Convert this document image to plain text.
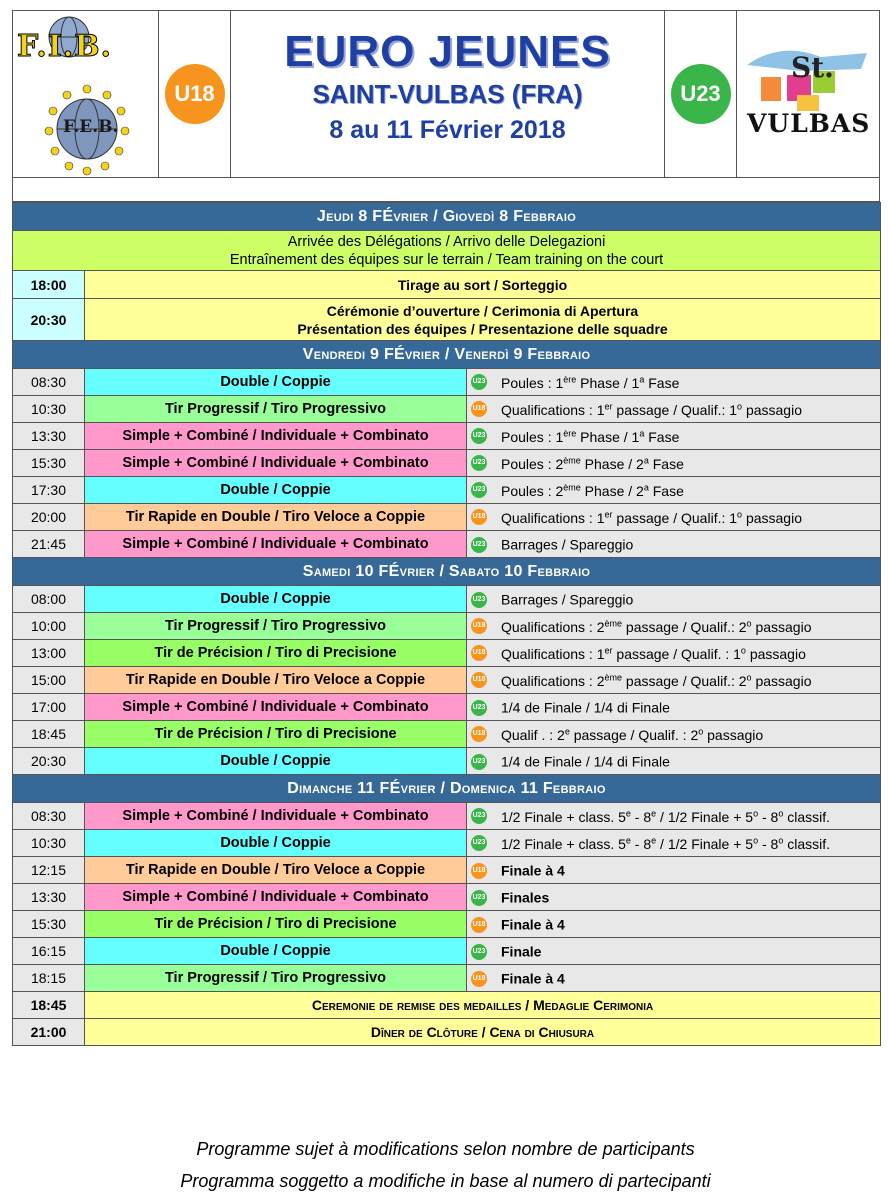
F.I.B.
F.E.B.
U18
EURO JEUNES
SAINT-VULBAS (FRA)
8 au 11 Février 2018
U23
St.
VULBAS
Jeudi 8 FÉvrier / Giovedì 8 Febbraio		

Arrivée des Délégations / Arrivo delle Delegazioni
Entraînement des équipes sur le terrain / Team training on the court		

18:00	Tirage au sort / Sorteggio	

20:30	Cérémonie d’ouverture / Cerimonia di Apertura
Présentation des équipes / Presentazione delle squadre	

Vendredi 9 FÉvrier / Venerdì 9 Febbraio		
08:30	Double / Coppie	U23 Poules : 1ère Phase / 1$^a$ Fase
10:30	Tir Progressif / Tiro Progressivo	U18 Qualifications : 1er passage / Qualif.: 1$^o$ passagio
13:30	Simple + Combiné / Individuale + Combinato	U23 Poules : 1ère Phase / 1$^a$ Fase
15:30	Simple + Combiné / Individuale + Combinato	U23 Poules : 2ème Phase / 2$^a$ Fase
17:30	Double / Coppie	U23 Poules : 2ème Phase / 2$^a$ Fase
20:00	Tir Rapide en Double / Tiro Veloce a Coppie	U18 Qualifications : 1er passage / Qualif.: 1$^o$ passagio
21:45	Simple + Combiné / Individuale + Combinato	U23 Barrages / Spareggio
Samedi 10 FÉvrier / Sabato 10 Febbraio		
08:00	Double / Coppie	U23 Barrages / Spareggio
10:00	Tir Progressif / Tiro Progressivo	U18 Qualifications : 2ème passage / Qualif.: 2$^o$ passagio
13:00	Tir de Précision / Tiro di Precisione	U18 Qualifications : 1er passage / Qualif. : 1$^o$ passagio
15:00	Tir Rapide en Double / Tiro Veloce a Coppie	U18 Qualifications : 2ème passage / Qualif.: 2$^o$ passagio
17:00	Simple + Combiné / Individuale + Combinato	U23 1/4 de Finale / 1/4 di Finale
18:45	Tir de Précision / Tiro di Precisione	U18 Qualif . : 2e passage / Qualif. : 2$^o$ passagio
20:30	Double / Coppie	U23 1/4 de Finale / 1/4 di Finale
Dimanche 11 FÉvrier / Domenica 11 Febbraio		
08:30	Simple + Combiné / Individuale + Combinato	U23 1/2 Finale + class. 5e - 8e / 1/2 Finale + $5^o - 8^o$ classif.
10:30	Double / Coppie	U23 1/2 Finale + class. 5e - 8e / 1/2 Finale + $5^o - 8^o$ classif.
12:15	Tir Rapide en Double / Tiro Veloce a Coppie	U18 Finale à 4
13:30	Simple + Combiné / Individuale + Combinato	U23 Finales
15:30	Tir de Précision / Tiro di Precisione	U18 Finale à 4
16:15	Double / Coppie	U23 Finale
18:15	Tir Progressif / Tiro Progressivo	U18 Finale à 4
18:45	Ceremonie de remise des medailles / Medaglie Cerimonia	
21:00	Dîner de Clôture / Cena di Chiusura	
Programme sujet à modifications selon nombre de participants
Programma soggetto a modifiche in base al numero di partecipanti
